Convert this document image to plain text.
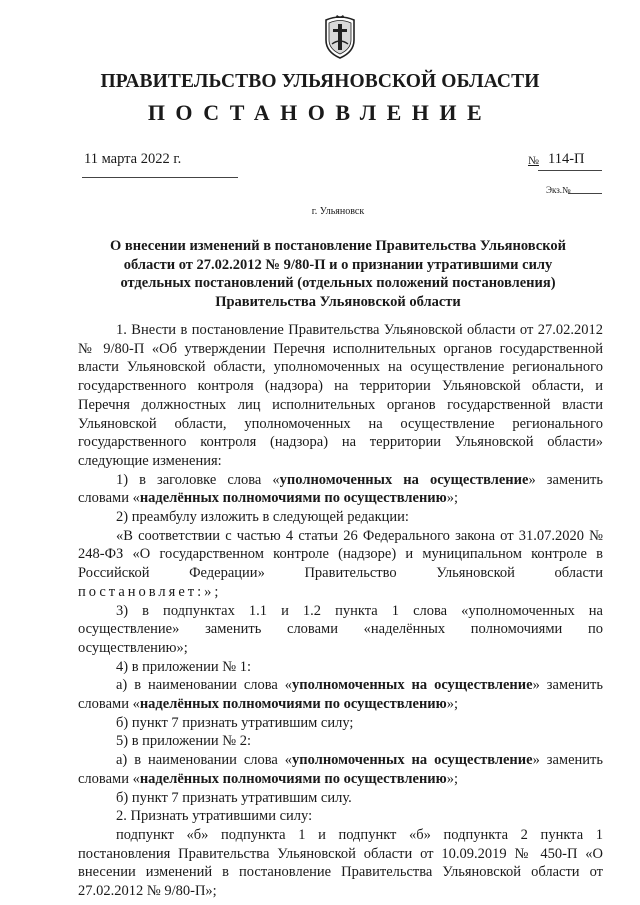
ПРАВИТЕЛЬСТВО УЛЬЯНОВСКОЙ ОБЛАСТИ
ПОСТАНОВЛЕНИЕ
11 марта 2022 г.	№ 114-П
Экз.№
г. Ульяновск
О внесении изменений в постановление Правительства Ульяновской
области от 27.02.2012 № 9/80-П и о признании утратившими силу
отдельных постановлений (отдельных положений постановления)
Правительства Ульяновской области

1. Внести в постановление Правительства Ульяновской области от 27.02.2012 № 9/80-П «Об утверждении Перечня исполнительных органов государственной власти Ульяновской области, уполномоченных на осуществление регионального государственного контроля (надзора) на территории Ульяновской области, и Перечня должностных лиц исполнительных органов государственной власти Ульяновской области, уполномоченных на осуществление регионального государственного контроля (надзора) на территории Ульяновской области» следующие изменения:

1) в заголовке слова «уполномоченных на осуществление» заменить словами «наделённых полномочиями по осуществлению»;

2) преамбулу изложить в следующей редакции:

«В соответствии с частью 4 статьи 26 Федерального закона от 31.07.2020 № 248-ФЗ «О государственном контроле (надзоре) и муниципальном контроле в Российской Федерации» Правительство Ульяновской области

постановляет:»;

3) в подпунктах 1.1 и 1.2 пункта 1 слова «уполномоченных на осуществление» заменить словами «наделённых полномочиями по осуществлению»;

4) в приложении № 1:

а) в наименовании слова «уполномоченных на осуществление» заменить словами «наделённых полномочиями по осуществлению»;

б) пункт 7 признать утратившим силу;

5) в приложении № 2:

а) в наименовании слова «уполномоченных на осуществление» заменить словами «наделённых полномочиями по осуществлению»;

б) пункт 7 признать утратившим силу.

2. Признать утратившими силу:

подпункт «б» подпункта 1 и подпункт «б» подпункта 2 пункта 1 постановления Правительства Ульяновской области от 10.09.2019 № 450-П «О внесении изменений в постановление Правительства Ульяновской области от 27.02.2012 № 9/80-П»;
